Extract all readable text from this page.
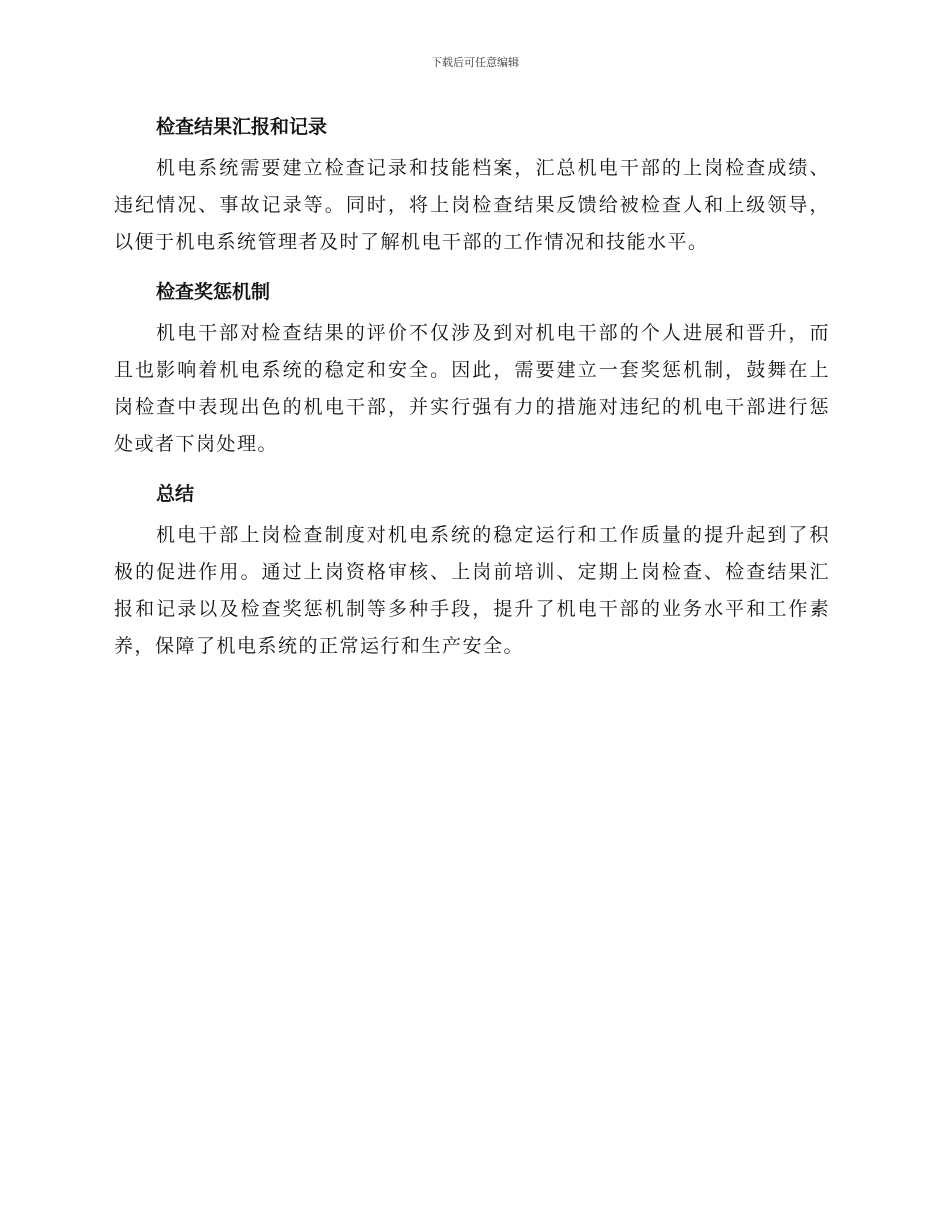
下载后可任意编辑
检查结果汇报和记录

机电系统需要建立检查记录和技能档案，汇总机电干部的上岗检查成绩、违纪情况、事故记录等。同时，将上岗检查结果反馈给被检查人和上级领导，以便于机电系统管理者及时了解机电干部的工作情况和技能水平。

检查奖惩机制

机电干部对检查结果的评价不仅涉及到对机电干部的个人进展和晋升，而且也影响着机电系统的稳定和安全。因此，需要建立一套奖惩机制，鼓舞在上岗检查中表现出色的机电干部，并实行强有力的措施对违纪的机电干部进行惩处或者下岗处理。

总结

机电干部上岗检查制度对机电系统的稳定运行和工作质量的提升起到了积极的促进作用。通过上岗资格审核、上岗前培训、定期上岗检查、检查结果汇报和记录以及检查奖惩机制等多种手段，提升了机电干部的业务水平和工作素养，保障了机电系统的正常运行和生产安全。
